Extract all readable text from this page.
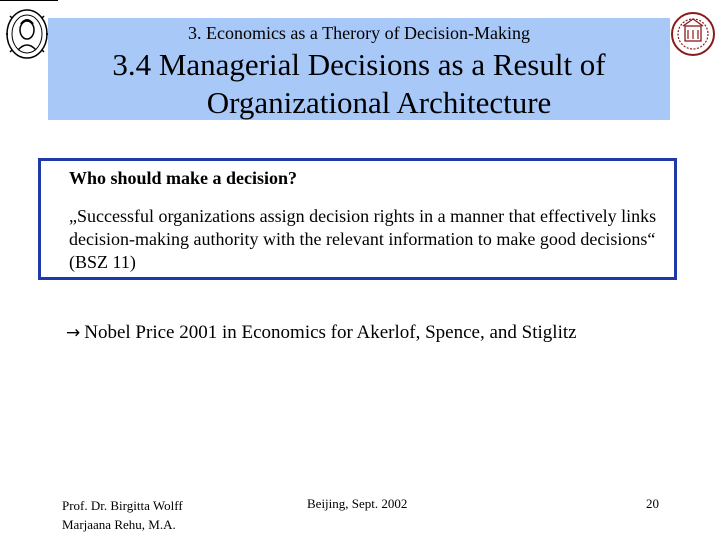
3. Economics as a Therory of Decision-Making
3.4 Managerial Decisions as a Result of
Organizational Architecture
Who should make a decision?
„Successful organizations assign decision rights in a manner that effectively links decision-making authority with the relevant information to make good decisions“ (BSZ 11)
→ Nobel Price 2001 in Economics for Akerlof, Spence, and Stiglitz
Prof. Dr. Birgitta Wolff
Marjaana Rehu, M.A.
Beijing, Sept. 2002	20
